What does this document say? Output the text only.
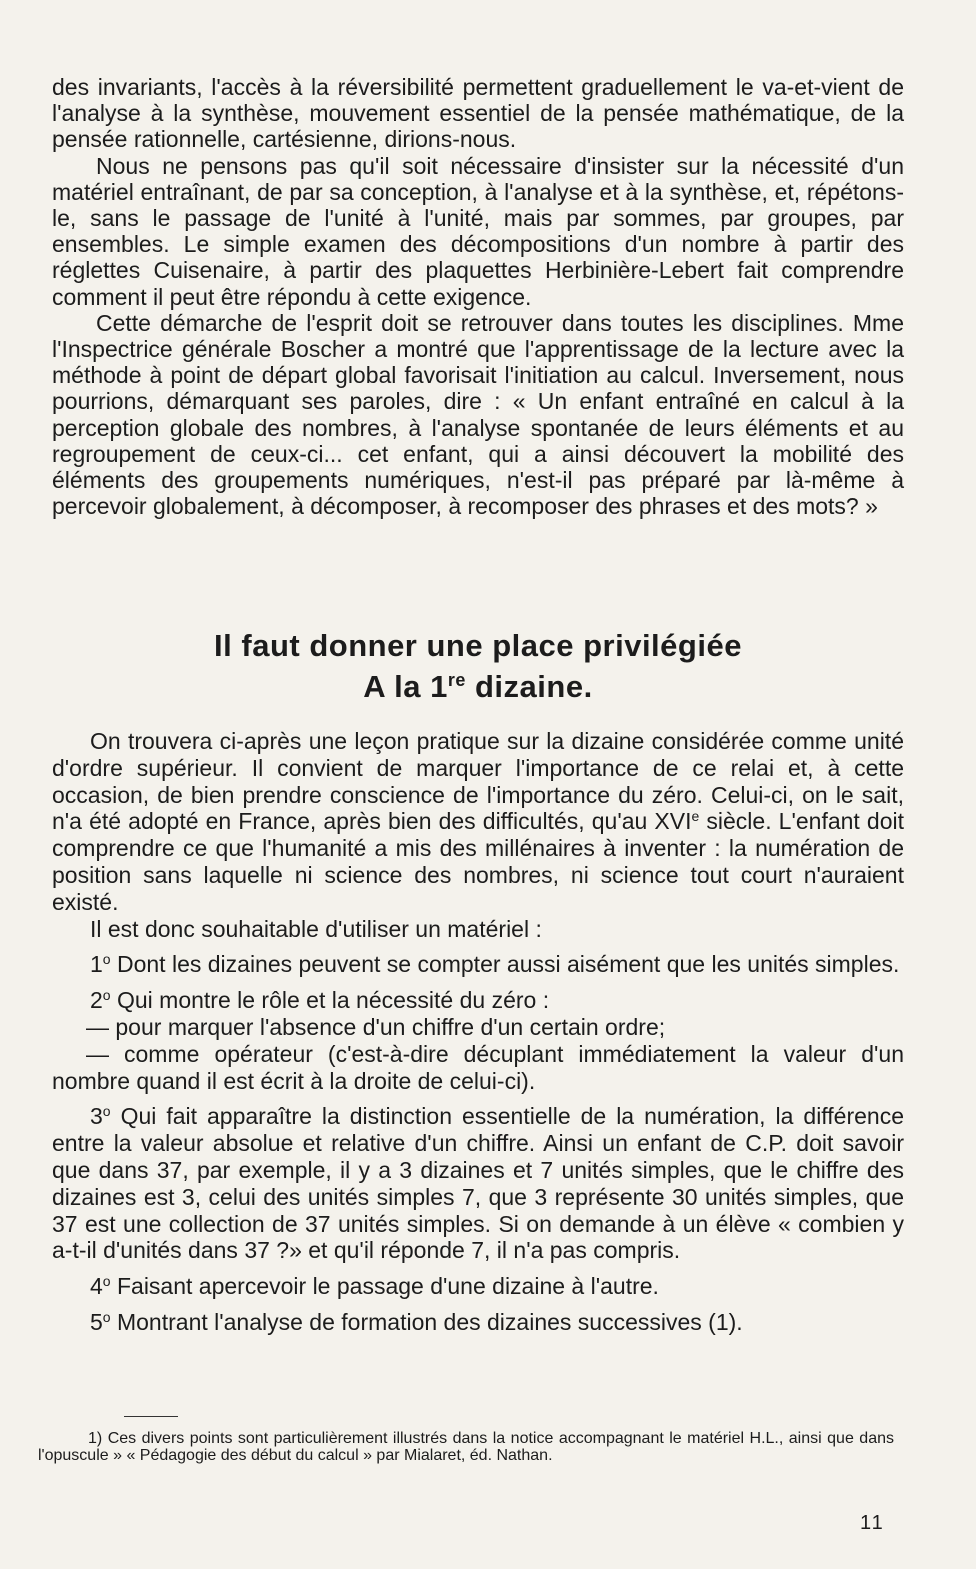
des invariants, l'accès à la réversibilité permettent graduellement le va-et-vient de l'analyse à la synthèse, mouvement essentiel de la pensée mathématique, de la pensée rationnelle, cartésienne, dirions-nous.

Nous ne pensons pas qu'il soit nécessaire d'insister sur la nécessité d'un matériel entraînant, de par sa conception, à l'analyse et à la synthèse, et, répétons-le, sans le passage de l'unité à l'unité, mais par sommes, par groupes, par ensembles. Le simple examen des décompositions d'un nombre à partir des réglettes Cuisenaire, à partir des plaquettes Herbinière-Lebert fait comprendre comment il peut être répondu à cette exigence.

Cette démarche de l'esprit doit se retrouver dans toutes les disciplines. Mme l'Inspectrice générale Boscher a montré que l'apprentissage de la lecture avec la méthode à point de départ global favorisait l'initiation au calcul. Inversement, nous pourrions, démarquant ses paroles, dire : « Un enfant entraîné en calcul à la perception globale des nombres, à l'analyse spontanée de leurs éléments et au regroupement de ceux-ci... cet enfant, qui a ainsi découvert la mobilité des éléments des groupements numériques, n'est-il pas préparé par là-même à percevoir globalement, à décomposer, à recomposer des phrases et des mots? »

Il faut donner une place privilégiée
A la 1re dizaine.

On trouvera ci-après une leçon pratique sur la dizaine considérée comme unité d'ordre supérieur. Il convient de marquer l'importance de ce relai et, à cette occasion, de bien prendre conscience de l'importance du zéro. Celui-ci, on le sait, n'a été adopté en France, après bien des difficultés, qu'au XVIe siècle. L'enfant doit comprendre ce que l'humanité a mis des millénaires à inventer : la numération de position sans laquelle ni science des nombres, ni science tout court n'auraient existé.

Il est donc souhaitable d'utiliser un matériel :

1$^o$ Dont les dizaines peuvent se compter aussi aisément que les unités simples.

2$^o$ Qui montre le rôle et la nécessité du zéro :

— pour marquer l'absence d'un chiffre d'un certain ordre;

— comme opérateur (c'est-à-dire décuplant immédiatement la valeur d'un nombre quand il est écrit à la droite de celui-ci).

3$^o$ Qui fait apparaître la distinction essentielle de la numération, la différence entre la valeur absolue et relative d'un chiffre. Ainsi un enfant de C.P. doit savoir que dans 37, par exemple, il y a 3 dizaines et 7 unités simples, que le chiffre des dizaines est 3, celui des unités simples 7, que 3 représente 30 unités simples, que 37 est une collection de 37 unités simples. Si on demande à un élève « combien y a-t-il d'unités dans 37 ?» et qu'il réponde 7, il n'a pas compris.

4$^o$ Faisant apercevoir le passage d'une dizaine à l'autre.

5$^o$ Montrant l'analyse de formation des dizaines successives (1).

1) Ces divers points sont particulièrement illustrés dans la notice accompagnant le matériel H.L., ainsi que dans l'opuscule » « Pédagogie des début du calcul » par Mialaret, éd. Nathan.

11
